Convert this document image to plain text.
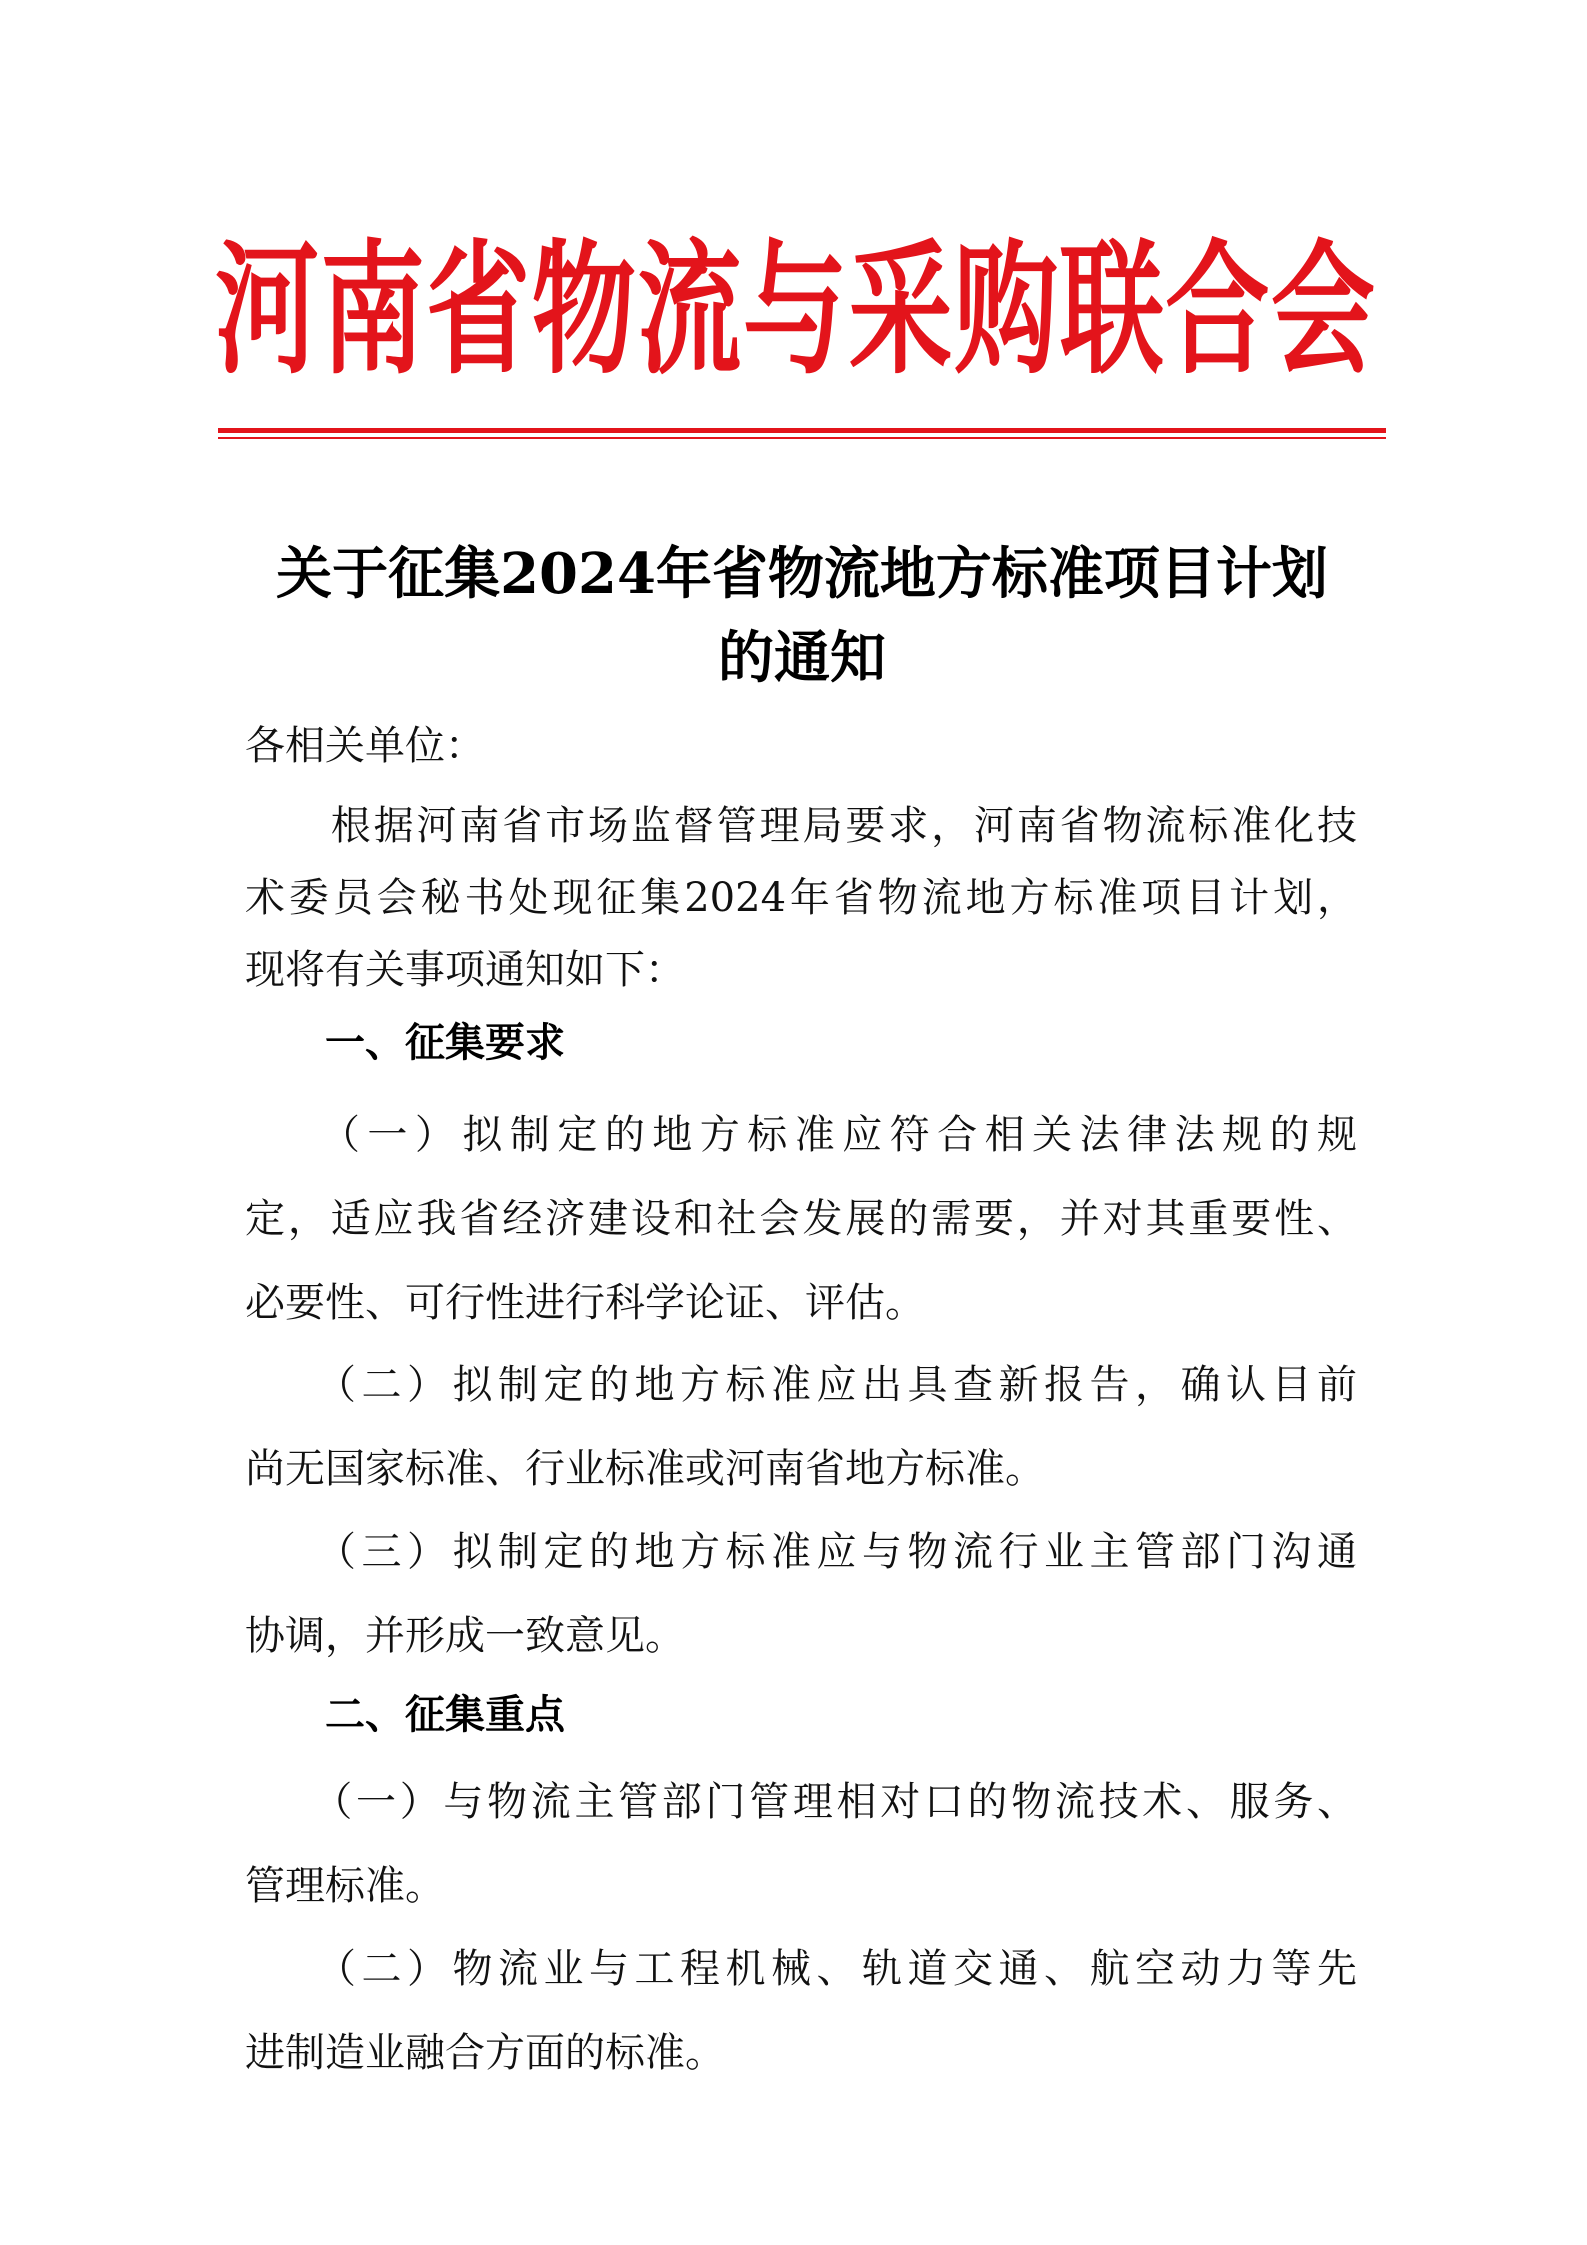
河 南 省 物 流 与 采 购 联 合 会
关于征集2024年省物流地方标准项目计划
的通知
各相关单位：
　　根据河南省市场监督管理局要求，河南省物流标准化技
术委员会秘书处现征集2024年省物流地方标准项目计划，
现将有关事项通知如下：
一、征集要求
　　（一）拟制定的地方标准应符合相关法律法规的规
定，适应我省经济建设和社会发展的需要，并对其重要性、
必要性、可行性进行科学论证、评估。
　　（二）拟制定的地方标准应出具查新报告，确认目前
尚无国家标准、行业标准或河南省地方标准。
　　（三）拟制定的地方标准应与物流行业主管部门沟通
协调，并形成一致意见。
二、征集重点
　　（一）与物流主管部门管理相对口的物流技术、服务、
管理标准。
　　（二）物流业与工程机械、轨道交通、航空动力等先
进制造业融合方面的标准。
